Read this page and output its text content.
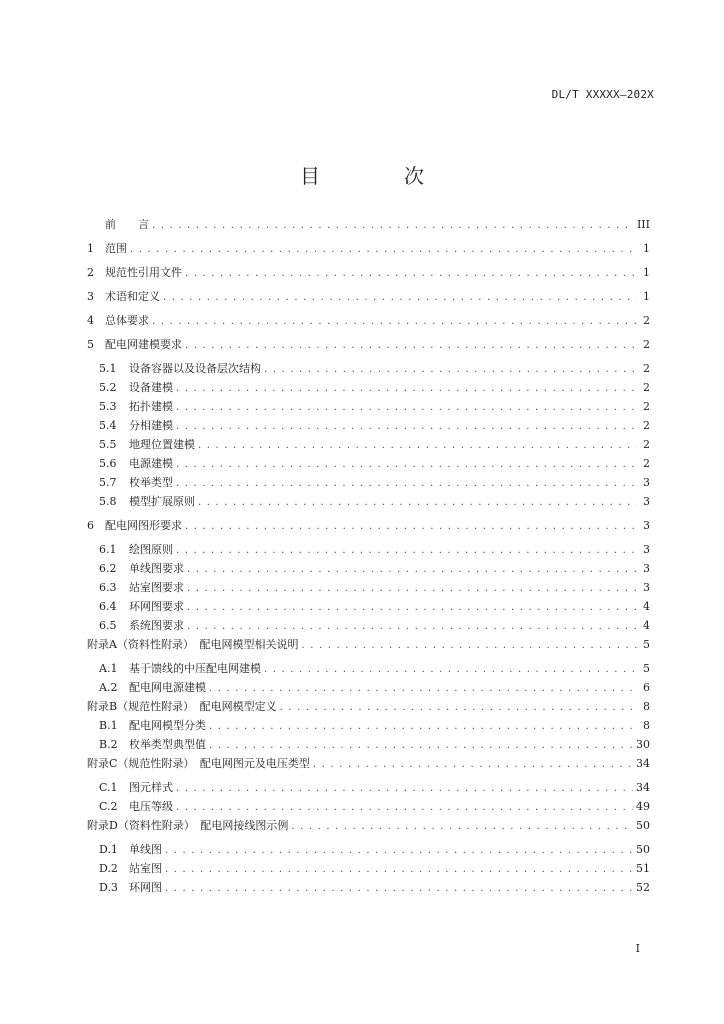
DL/T XXXXX—202X
目　次
前　　言 . . .	III
1	范围 . . .	1
2	规范性引用文件 . . .	1
3	术语和定义 . . .	1
4	总体要求 . . .	2
5	配电网建模要求 . . .	2
5.1	设备容器以及设备层次结构 . . .	2
5.2	设备建模 . . .	2
5.3	拓扑建模 . . .	2
5.4	分相建模 . . .	2
5.5	地理位置建模 . . .	2
5.6	电源建模 . . .	2
5.7	枚举类型 . . .	3
5.8	模型扩展原则 . . .	3
6	配电网图形要求 . . .	3
6.1	绘图原则 . . .	3
6.2	单线图要求 . . .	3
6.3	站室图要求 . . .	3
6.4	环网图要求 . . .	4
6.5	系统图要求 . . .	4
附录A（资料性附录）　配电网模型相关说明 . . .	5
A.1	基于馈线的中压配电网建模 . . .	5
A.2	配电网电源建模 . . .	6
附录B（规范性附录）　配电网模型定义 . . .	8
B.1	配电网模型分类 . . .	8
B.2	枚举类型典型值 . . .	30
附录C（规范性附录）　配电网图元及电压类型 . . .	34
C.1	图元样式 . . .	34
C.2	电压等级 . . .	49
附录D（资料性附录）　配电网接线图示例 . . .	50
D.1	单线图 . . .	50
D.2	站室图 . . .	51
D.3	环网图 . . .	52
I
